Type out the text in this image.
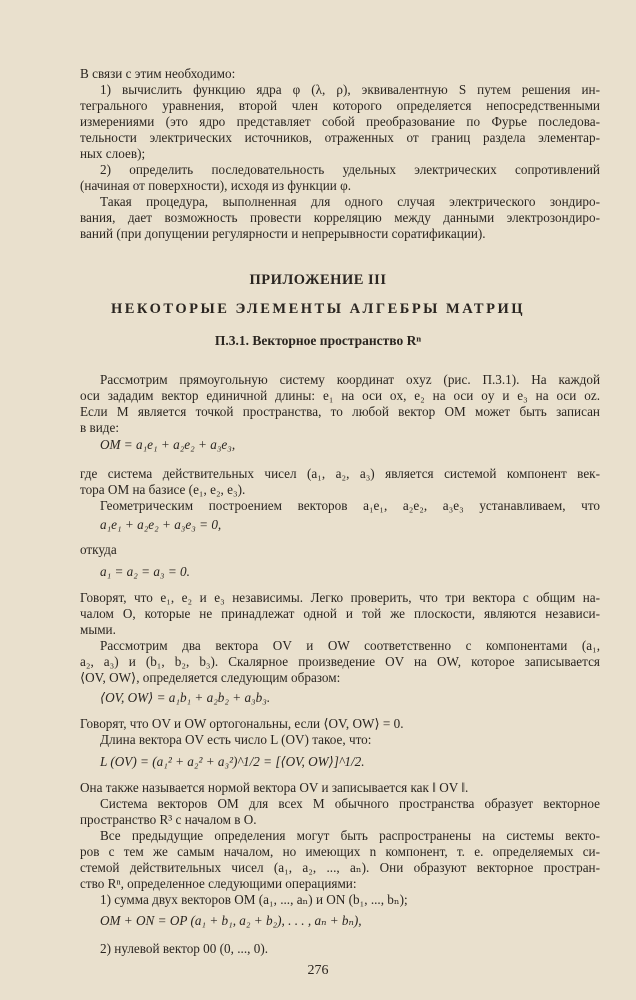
В связи с этим необходимо:
1) вычислить функцию ядра φ (λ, ρ), эквивалентную S путем решения ин-
тегрального уравнения, второй член которого определяется непосредственными
измерениями (это ядро представляет собой преобразование по Фурье последова-
тельности электрических источников, отраженных от границ раздела элементар-
ных слоев);
2) определить последовательность удельных электрических сопротивлений
(начиная от поверхности), исходя из функции φ.
Такая процедура, выполненная для одного случая электрического зондиро-
вания, дает возможность провести корреляцию между данными электрозондиро-
ваний (при допущении регулярности и непрерывности соратификации).
ПРИЛОЖЕНИЕ III
НЕКОТОРЫЕ ЭЛЕМЕНТЫ АЛГЕБРЫ МАТРИЦ
П.3.1. Векторное пространство Rⁿ
Рассмотрим прямоугольную систему координат oxyz (рис. П.3.1). На каждой
оси зададим вектор единичной длины: e₁ на оси ox, e₂ на оси oy и e₃ на оси oz.
Если M является точкой пространства, то любой вектор OM может быть записан
в виде:
OM = a₁e₁ + a₂e₂ + a₃e₃,
где система действительных чисел (a₁, a₂, a₃) является системой компонент век-
тора OM на базисе (e₁, e₂, e₃).
Геометрическим построением векторов a₁e₁, a₂e₂, a₃e₃ устанавливаем, что
a₁e₁ + a₂e₂ + a₃e₃ = 0,
откуда
a₁ = a₂ = a₃ = 0.
Говорят, что e₁, e₂ и e₃ независимы. Легко проверить, что три вектора с общим на-
чалом O, которые не принадлежат одной и той же плоскости, являются независи-
мыми.
Рассмотрим два вектора OV и OW соответственно с компонентами (a₁,
a₂, a₃) и (b₁, b₂, b₃). Скалярное произведение OV на OW, которое записывается
⟨OV, OW⟩, определяется следующим образом:
⟨OV, OW⟩ = a₁b₁ + a₂b₂ + a₃b₃.
Говорят, что OV и OW ортогональны, если ⟨OV, OW⟩ = 0.
Длина вектора OV есть число L (OV) такое, что:
L (OV) = (a₁² + a₂² + a₃²)^1/2 = [⟨OV, OW⟩]^1/2.
Она также называется нормой вектора OV и записывается как ‖ OV ‖.
Система векторов OM для всех M обычного пространства образует векторное
пространство R³ с началом в O.
Все предыдущие определения могут быть распространены на системы векто-
ров с тем же самым началом, но имеющих n компонент, т. е. определяемых си-
стемой действительных чисел (a₁, a₂, ..., aₙ). Они образуют векторное простран-
ство Rⁿ, определенное следующими операциями:
1) сумма двух векторов OM (a₁, ..., aₙ) и ON (b₁, ..., bₙ);
OM + ON = OP (a₁ + b₁, a₂ + b₂), . . . , aₙ + bₙ),
2) нулевой вектор 00 (0, ..., 0).
276
